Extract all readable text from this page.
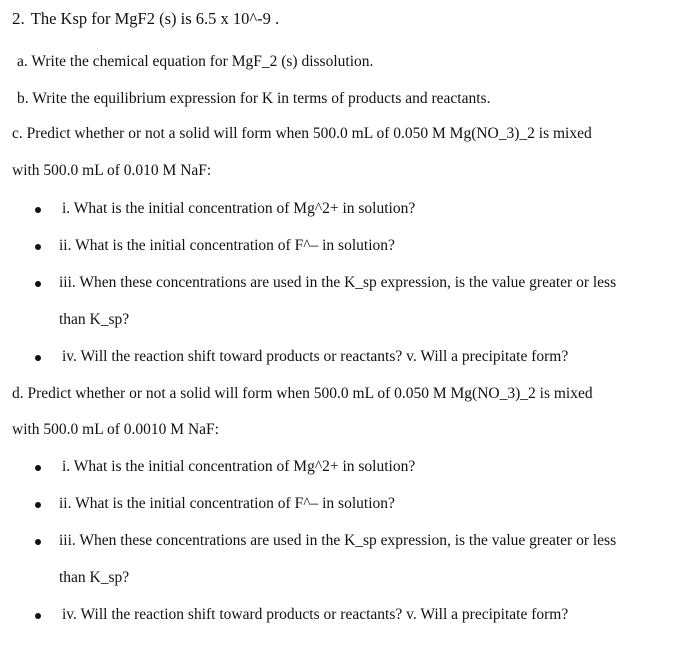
2. The Ksp for MgF2 (s) is 6.5 x 10^-9 .
a. Write the chemical equation for MgF_2 (s) dissolution.
b. Write the equilibrium expression for K in terms of products and reactants.
c. Predict whether or not a solid will form when 500.0 mL of 0.050 M Mg(NO_3)_2 is mixed
with 500.0 mL of 0.010 M NaF:
i. What is the initial concentration of Mg^2+ in solution?
ii. What is the initial concentration of F^– in solution?
iii. When these concentrations are used in the K_sp expression, is the value greater or less
than K_sp?
iv. Will the reaction shift toward products or reactants? v. Will a precipitate form?
d. Predict whether or not a solid will form when 500.0 mL of 0.050 M Mg(NO_3)_2 is mixed
with 500.0 mL of 0.0010 M NaF:
i. What is the initial concentration of Mg^2+ in solution?
ii. What is the initial concentration of F^– in solution?
iii. When these concentrations are used in the K_sp expression, is the value greater or less
than K_sp?
iv. Will the reaction shift toward products or reactants? v. Will a precipitate form?
